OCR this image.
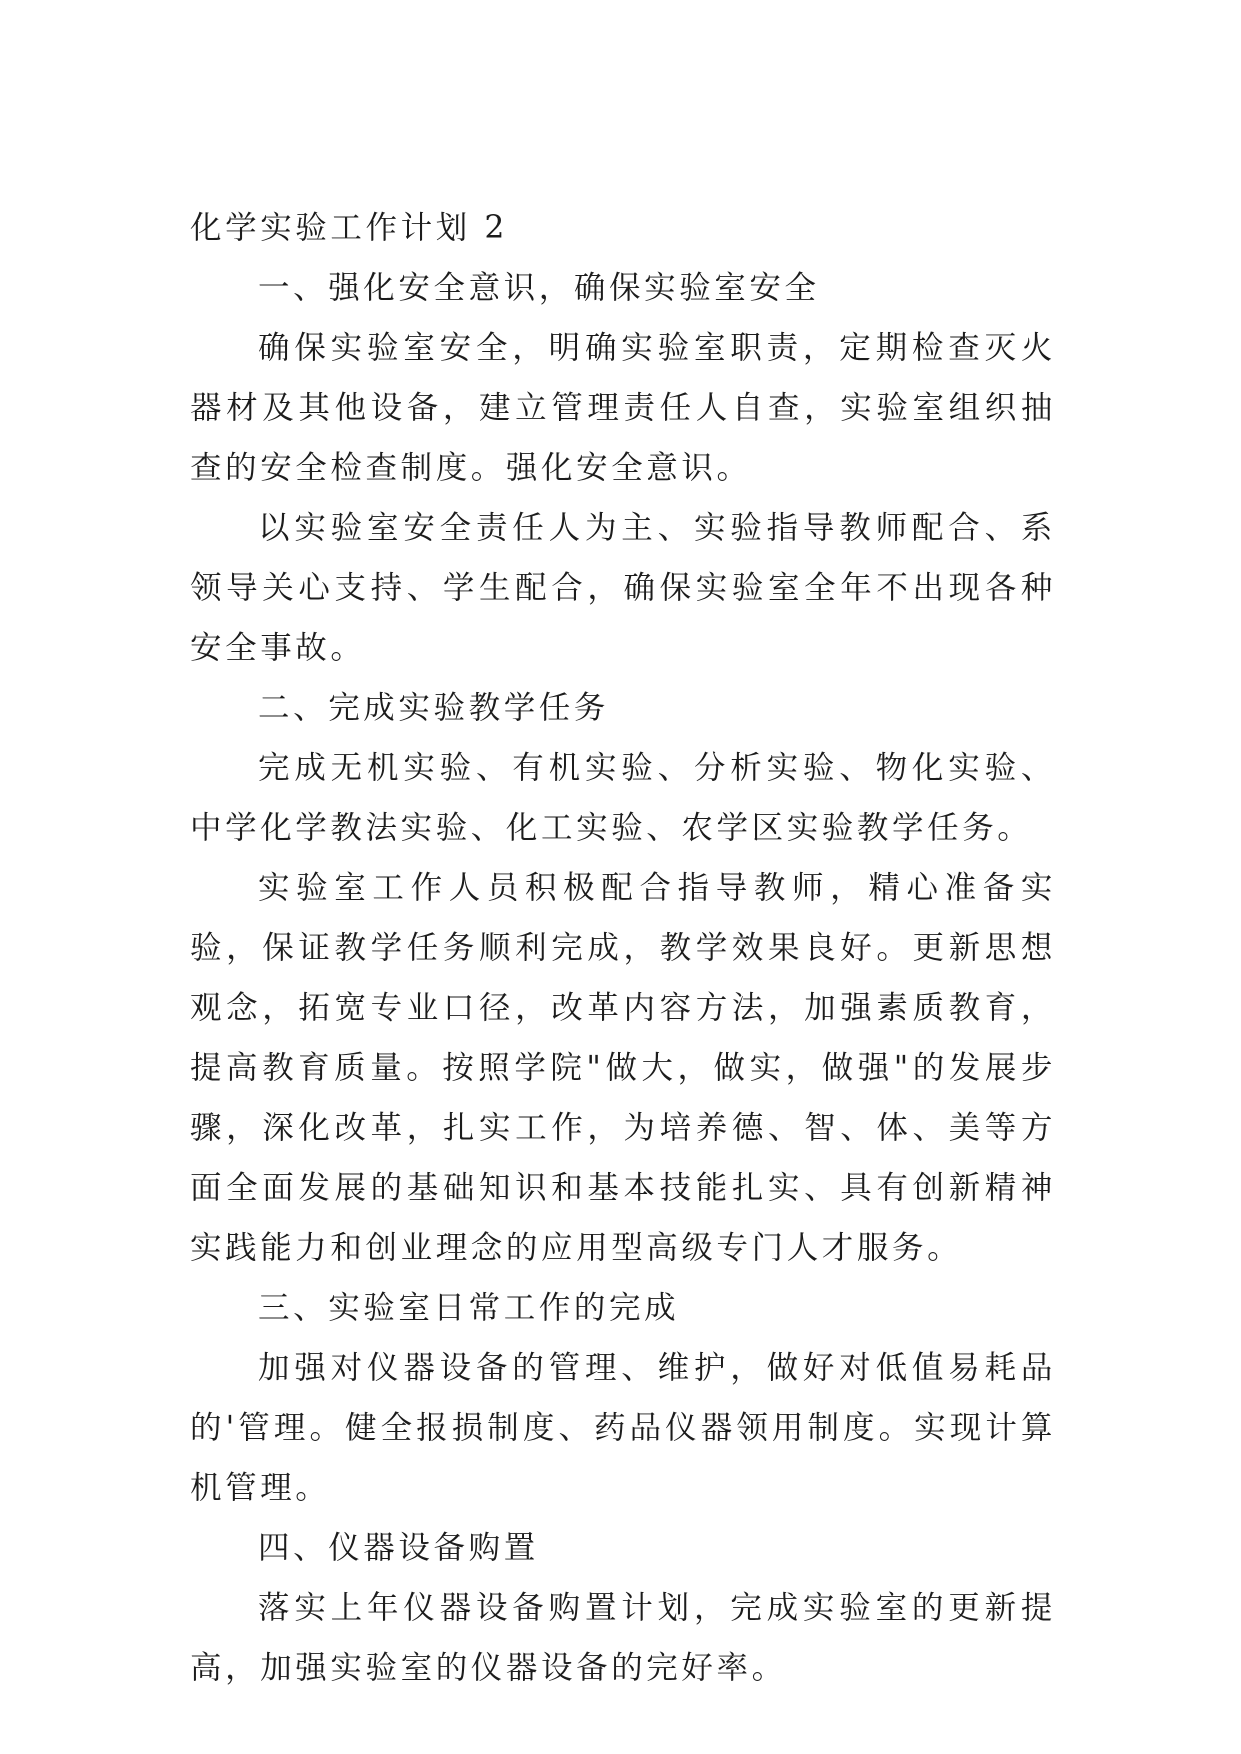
化学实验工作计划 2

一、强化安全意识，确保实验室安全

确保实验室安全，明确实验室职责，定期检查灭火器材及其他设备，建立管理责任人自查，实验室组织抽查的安全检查制度。强化安全意识。

以实验室安全责任人为主、实验指导教师配合、系领导关心支持、学生配合，确保实验室全年不出现各种安全事故。

二、完成实验教学任务

完成无机实验、有机实验、分析实验、物化实验、中学化学教法实验、化工实验、农学区实验教学任务。

实验室工作人员积极配合指导教师，精心准备实验，保证教学任务顺利完成，教学效果良好。更新思想观念，拓宽专业口径，改革内容方法，加强素质教育，提高教育质量。按照学院"做大，做实，做强"的发展步骤，深化改革，扎实工作，为培养德、智、体、美等方面全面发展的基础知识和基本技能扎实、具有创新精神实践能力和创业理念的应用型高级专门人才服务。

三、实验室日常工作的完成

加强对仪器设备的管理、维护，做好对低值易耗品的'管理。健全报损制度、药品仪器领用制度。实现计算机管理。

四、仪器设备购置

落实上年仪器设备购置计划，完成实验室的更新提高，加强实验室的仪器设备的完好率。
